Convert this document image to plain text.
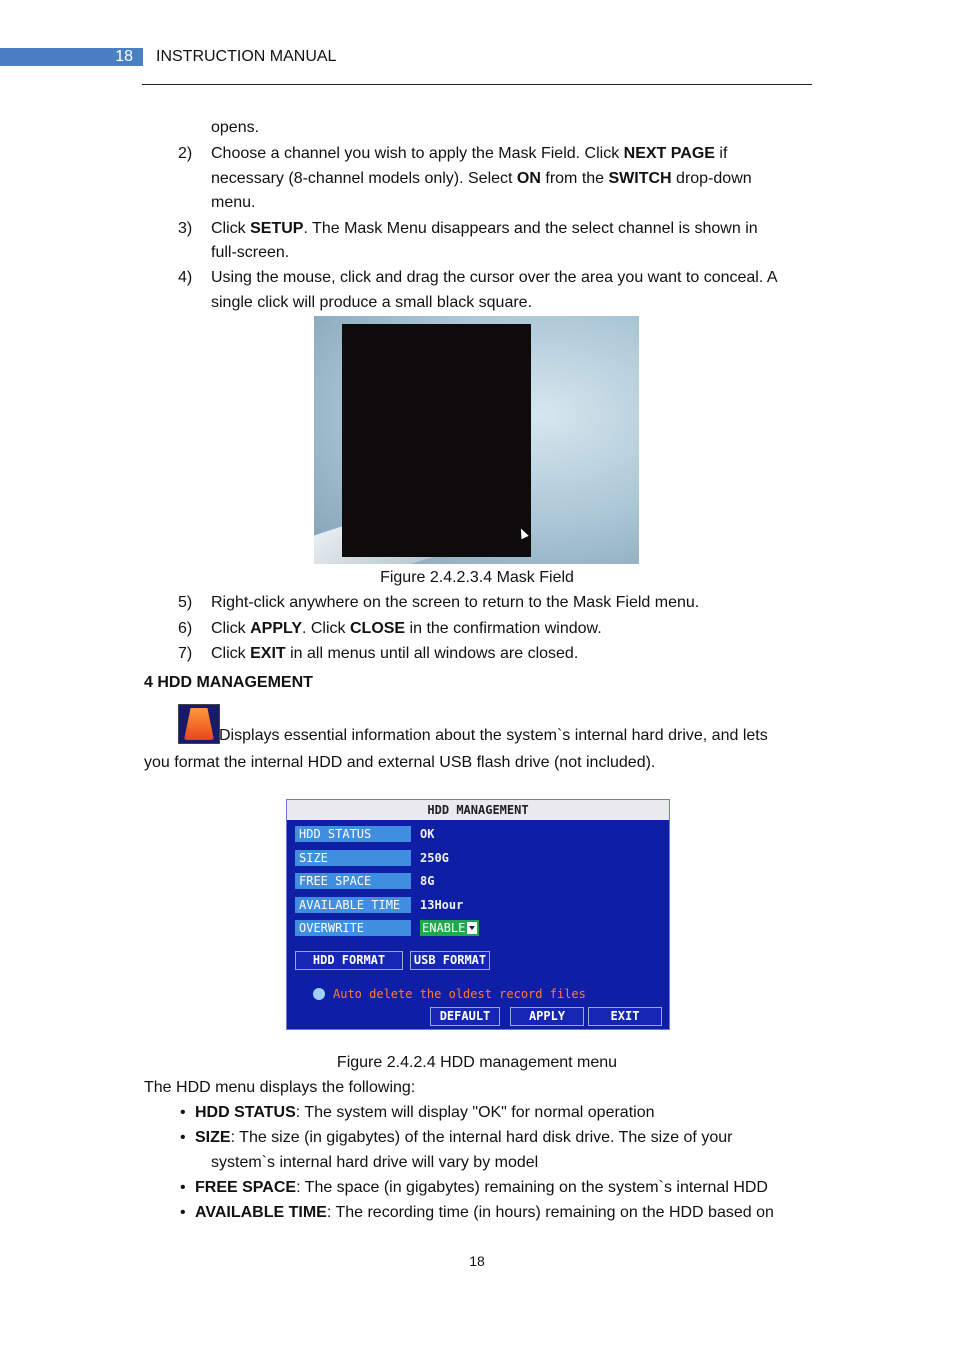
18 INSTRUCTION MANUAL
opens.
2) Choose a channel you wish to apply the Mask Field. Click NEXT PAGE if
necessary (8-channel models only). Select ON from the SWITCH drop-down
menu.
3) Click SETUP. The Mask Menu disappears and the select channel is shown in
full-screen.
4) Using the mouse, click and drag the cursor over the area you want to conceal. A
single click will produce a small black square.
Figure 2.4.2.3.4 Mask Field
5) Right-click anywhere on the screen to return to the Mask Field menu.
6) Click APPLY. Click CLOSE in the confirmation window.
7) Click EXIT in all menus until all windows are closed.
4 HDD MANAGEMENT
Displays essential information about the system`s internal hard drive, and lets
you format the internal HDD and external USB flash drive (not included).
HDD MANAGEMENT
HDD STATUS	OK
SIZE	250G
FREE SPACE	8G
AVAILABLE TIME	13Hour
OVERWRITE	ENABLE
HDD FORMAT	USB FORMAT
Auto delete the oldest record files
DEFAULT	APPLY	EXIT
Figure 2.4.2.4 HDD management menu
The HDD menu displays the following:
• HDD STATUS: The system will display "OK" for normal operation
• SIZE: The size (in gigabytes) of the internal hard disk drive. The size of your
system`s internal hard drive will vary by model
• FREE SPACE: The space (in gigabytes) remaining on the system`s internal HDD
• AVAILABLE TIME: The recording time (in hours) remaining on the HDD based on
18
